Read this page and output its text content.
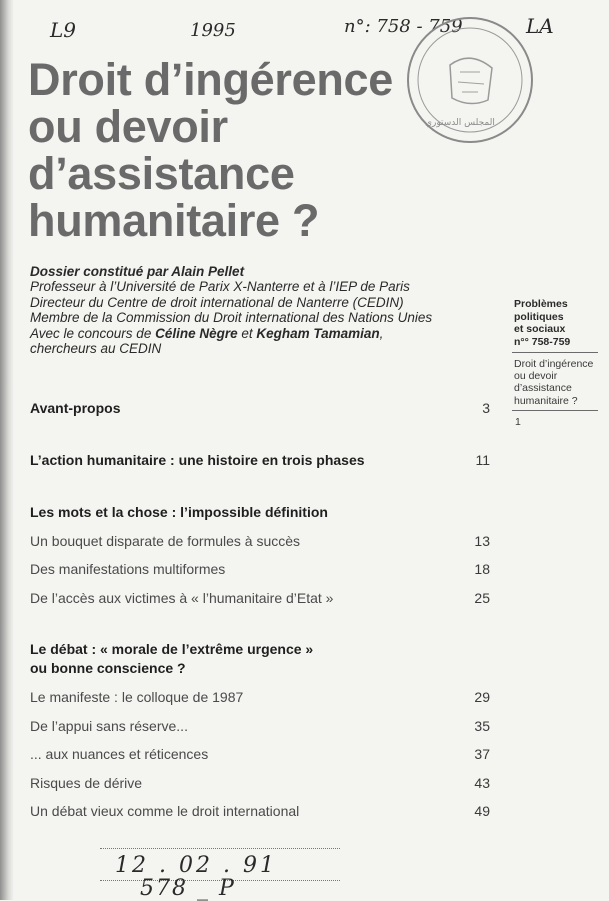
L9	1995	n°: 758 - 759	LA
المجلس الدستوري
Droit d’ingérence
ou devoir
d’assistance
humanitaire ?
Dossier constitué par Alain Pellet
Professeur à l’Université de Parix X-Nanterre et à l’IEP de Paris
Directeur du Centre de droit international de Nanterre (CEDIN)
Membre de la Commission du Droit international des Nations Unies
Avec le concours de Céline Nègre et Kegham Tamamian,
chercheurs au CEDIN
Problèmes
politiques
et sociaux
n°° 758-759
Droit d’ingérence
ou devoir
d’assistance
humanitaire ?
1
Avant-propos	3
L’action humanitaire : une histoire en trois phases	11
Les mots et la chose : l’impossible définition
Un bouquet disparate de formules à succès	13
Des manifestations multiformes	18
De l’accès aux victimes à « l’humanitaire d’Etat »	25
Le débat : « morale de l’extrême urgence »
ou bonne conscience ?
Le manifeste : le colloque de 1987	29
De l’appui sans réserve...	35
... aux nuances et réticences	37
Risques de dérive	43
Un débat vieux comme le droit international	49
12 . 02 . 91
578 _ P
